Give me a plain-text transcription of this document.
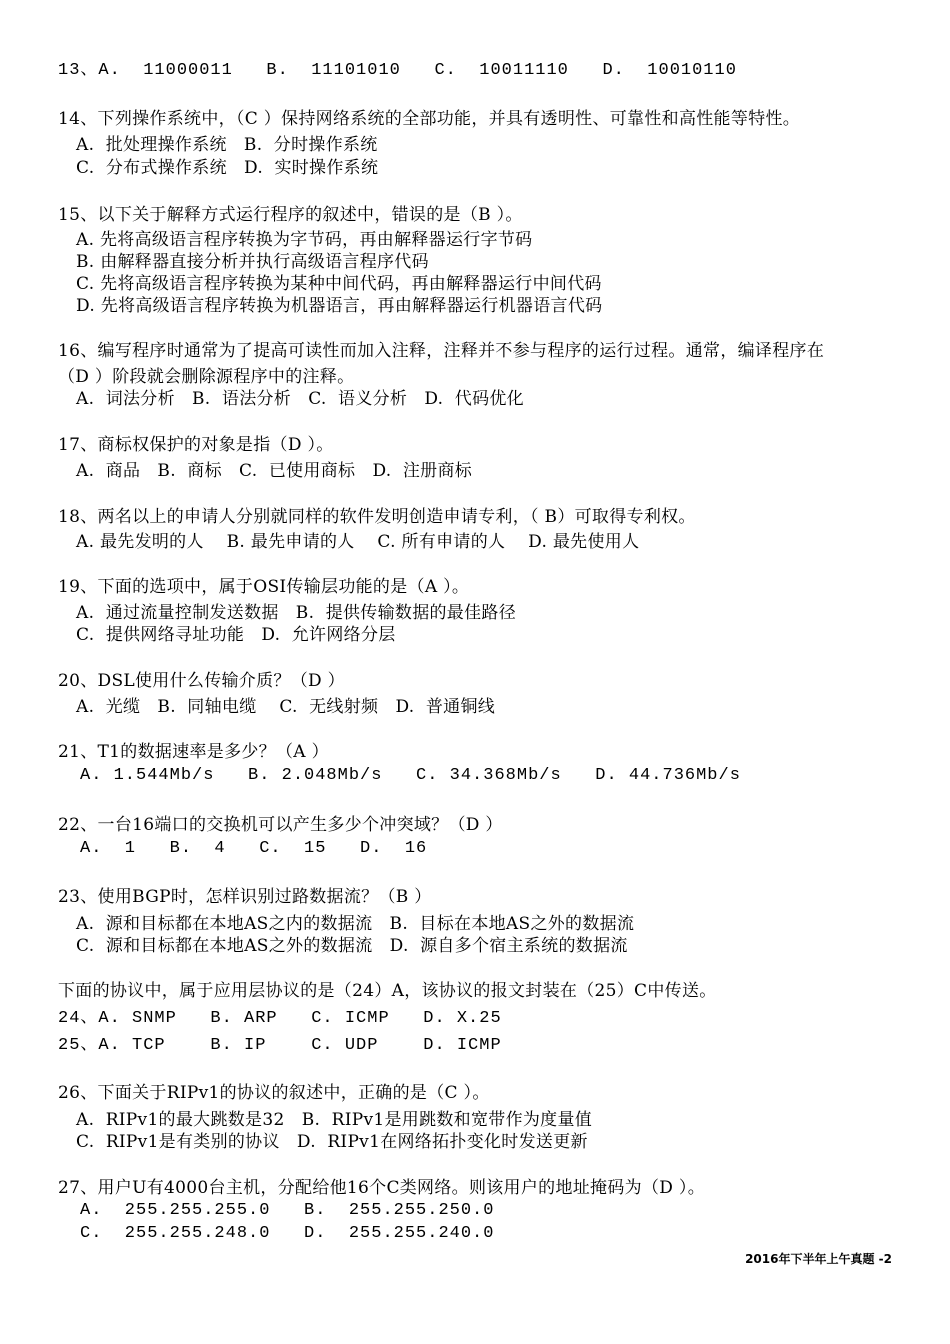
13、A.  11000011   B.  11101010   C.  10011110   D.  10010110
14、下列操作系统中，（C ）保持网络系统的全部功能，并具有透明性、可靠性和高性能等特性。
A.  批处理操作系统   B.  分时操作系统
C.  分布式操作系统   D.  实时操作系统
15、以下关于解释方式运行程序的叙述中，错误的是（B ）。
A. 先将高级语言程序转换为字节码，再由解释器运行字节码
B. 由解释器直接分析并执行高级语言程序代码
C. 先将高级语言程序转换为某种中间代码，再由解释器运行中间代码
D. 先将高级语言程序转换为机器语言，再由解释器运行机器语言代码
16、编写程序时通常为了提高可读性而加入注释，注释并不参与程序的运行过程。通常，编译程序在
（D ）阶段就会删除源程序中的注释。
A.  词法分析   B.  语法分析   C.  语义分析   D.  代码优化
17、商标权保护的对象是指（D ）。
A.  商品   B.  商标   C.  已使用商标   D.  注册商标
18、两名以上的申请人分别就同样的软件发明创造申请专利，（ B）可取得专利权。
A. 最先发明的人    B. 最先申请的人    C. 所有申请的人    D. 最先使用人
19、下面的选项中，属于OSI传输层功能的是（A ）。
A.  通过流量控制发送数据   B.  提供传输数据的最佳路径
C.  提供网络寻址功能   D.  允许网络分层
20、DSL使用什么传输介质？（D ）
A.  光缆   B.  同轴电缆    C.  无线射频   D.  普通铜线
21、T1的数据速率是多少？（A ）
A. 1.544Mb/s   B. 2.048Mb/s   C. 34.368Mb/s   D. 44.736Mb/s
22、一台16端口的交换机可以产生多少个冲突域？（D ）
A.  1   B.  4   C.  15   D.  16
23、使用BGP时，怎样识别过路数据流？（B ）
A.  源和目标都在本地AS之内的数据流   B.  目标在本地AS之外的数据流
C.  源和目标都在本地AS之外的数据流   D.  源自多个宿主系统的数据流
下面的协议中，属于应用层协议的是（24）A，该协议的报文封装在（25）C中传送。
24、A. SNMP   B. ARP   C. ICMP   D. X.25
25、A. TCP    B. IP    C. UDP    D. ICMP
26、下面关于RIPv1的协议的叙述中，正确的是（C ）。
A.  RIPv1的最大跳数是32   B.  RIPv1是用跳数和宽带作为度量值
C.  RIPv1是有类别的协议   D.  RIPv1在网络拓扑变化时发送更新
27、用户U有4000台主机，分配给他16个C类网络。则该用户的地址掩码为（D ）。
A.  255.255.255.0   B.  255.255.250.0
C.  255.255.248.0   D.  255.255.240.0
2016年下半年上午真题 -2
